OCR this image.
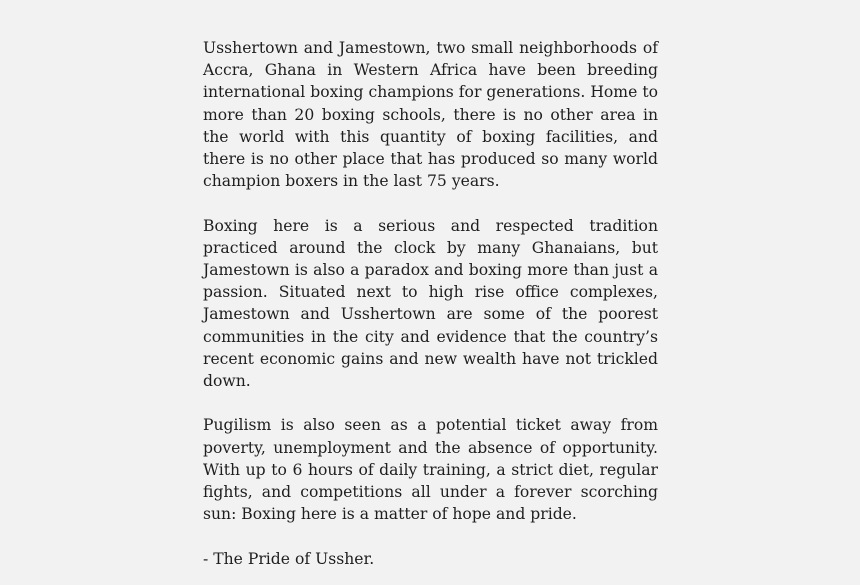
Usshertown and Jamestown, two small neighborhoods of Accra, Ghana in Western Africa have been breeding international boxing champions for generations. Home to more than 20 boxing schools, there is no other area in the world with this quantity of boxing facilities, and there is no other place that has produced so many world champion boxers in the last 75 years.

Boxing here is a serious and respected tradition practiced around the clock by many Ghanaians, but Jamestown is also a paradox and boxing more than just a passion. Situated next to high rise office complexes, Jamestown and Usshertown are some of the poorest communities in the city and evidence that the country’s recent economic gains and new wealth have not trickled down.

Pugilism is also seen as a potential ticket away from poverty, unemployment and the absence of opportunity. With up to 6 hours of daily training, a strict diet, regular fights, and competitions all under a forever scorching sun: Boxing here is a matter of hope and pride.

- The Pride of Ussher.
